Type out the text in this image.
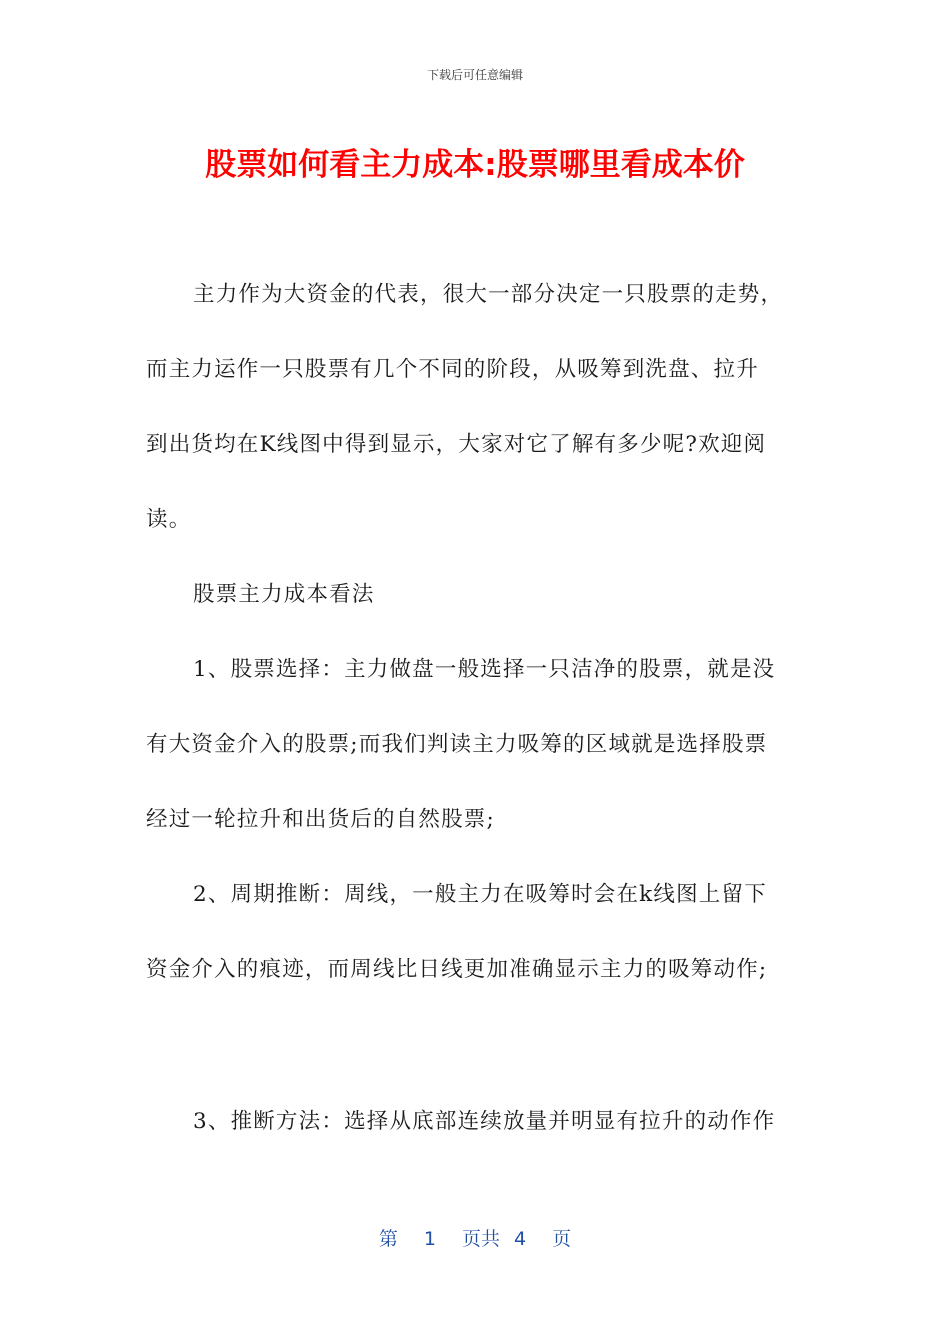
下载后可任意编辑
股票如何看主力成本:股票哪里看成本价
主力作为大资金的代表，很大一部分决定一只股票的走势，
而主力运作一只股票有几个不同的阶段，从吸筹到洗盘、拉升
到出货均在K线图中得到显示，大家对它了解有多少呢?欢迎阅
读。
股票主力成本看法
1、股票选择：主力做盘一般选择一只洁净的股票，就是没
有大资金介入的股票;而我们判读主力吸筹的区域就是选择股票
经过一轮拉升和出货后的自然股票;
2、周期推断：周线，一般主力在吸筹时会在k线图上留下
资金介入的痕迹，而周线比日线更加准确显示主力的吸筹动作;
3、推断方法：选择从底部连续放量并明显有拉升的动作作
第 1 页共 4 页
